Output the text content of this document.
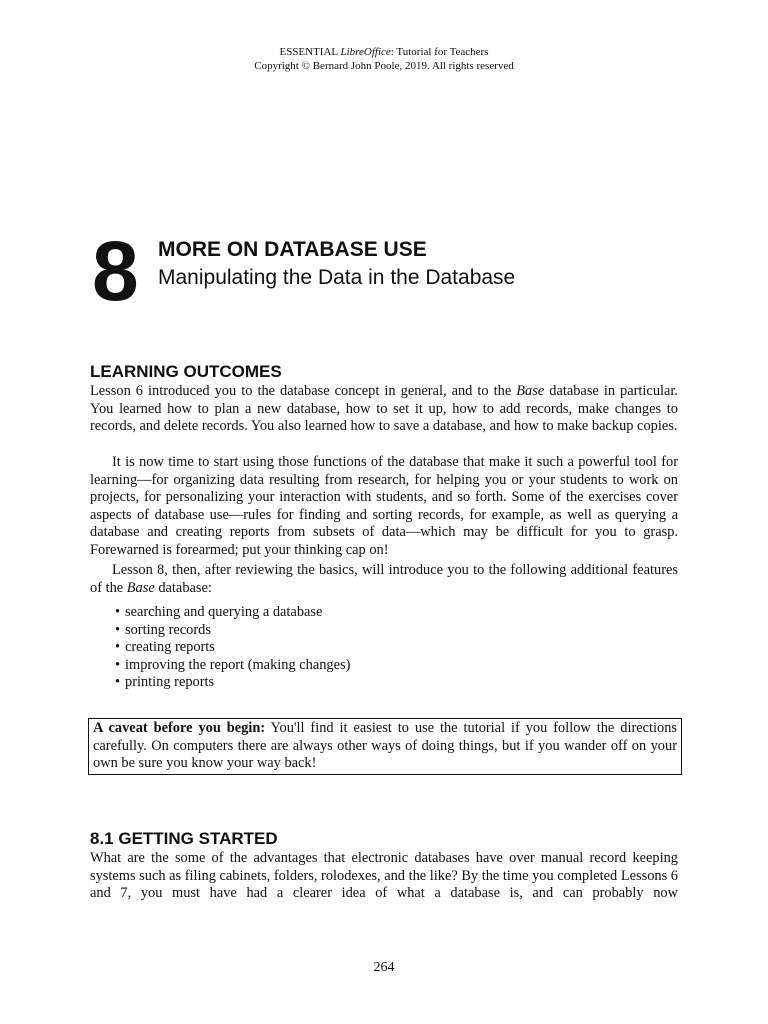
ESSENTIAL LibreOffice: Tutorial for Teachers
Copyright © Bernard John Poole, 2019. All rights reserved
8 MORE ON DATABASE USE
Manipulating the Data in the Database
LEARNING OUTCOMES

Lesson 6 introduced you to the database concept in general, and to the Base database in particular. You learned how to plan a new database, how to set it up, how to add records, make changes to records, and delete records. You also learned how to save a database, and how to make backup copies.

It is now time to start using those functions of the database that make it such a powerful tool for learning—for organizing data resulting from research, for helping you or your students to work on projects, for personalizing your interaction with students, and so forth. Some of the exercises cover aspects of database use—rules for finding and sorting records, for example, as well as querying a database and creating reports from subsets of data—which may be difficult for you to grasp. Forewarned is forearmed; put your thinking cap on!

Lesson 8, then, after reviewing the basics, will introduce you to the following additional features of the Base database:

• searching and querying a database
• sorting records
• creating reports
• improving the report (making changes)
• printing reports
A caveat before you begin: You'll find it easiest to use the tutorial if you follow the directions carefully. On computers there are always other ways of doing things, but if you wander off on your own be sure you know your way back!
8.1 GETTING STARTED

What are the some of the advantages that electronic databases have over manual record keeping systems such as filing cabinets, folders, rolodexes, and the like? By the time you completed Lessons 6 and 7, you must have had a clearer idea of what a database is, and can probably now

264
